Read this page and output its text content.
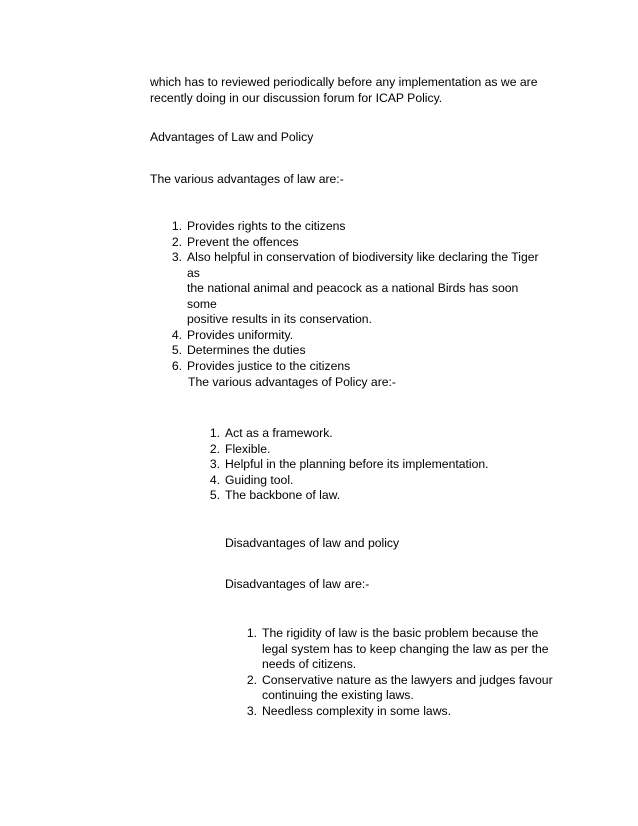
which has to reviewed periodically before any implementation as we are
recently doing in our discussion forum for ICAP Policy.

Advantages of Law and Policy

The various advantages of law are:-

1. Provides rights to the citizens
2. Prevent the offences
3. Also helpful in conservation of biodiversity like declaring the Tiger as
the national animal and peacock as a national Birds has soon some
positive results in its conservation.
4. Provides uniformity.
5. Determines the duties
6. Provides justice to the citizens

The various advantages of Policy are:-

1. Act as a framework.
2. Flexible.
3. Helpful in the planning before its implementation.
4. Guiding tool.
5. The backbone of law.

Disadvantages of law and policy

Disadvantages of law are:-

1. The rigidity of law is the basic problem because the
legal system has to keep changing the law as per the
needs of citizens.
2. Conservative nature as the lawyers and judges favour
continuing the existing laws.
3. Needless complexity in some laws.
